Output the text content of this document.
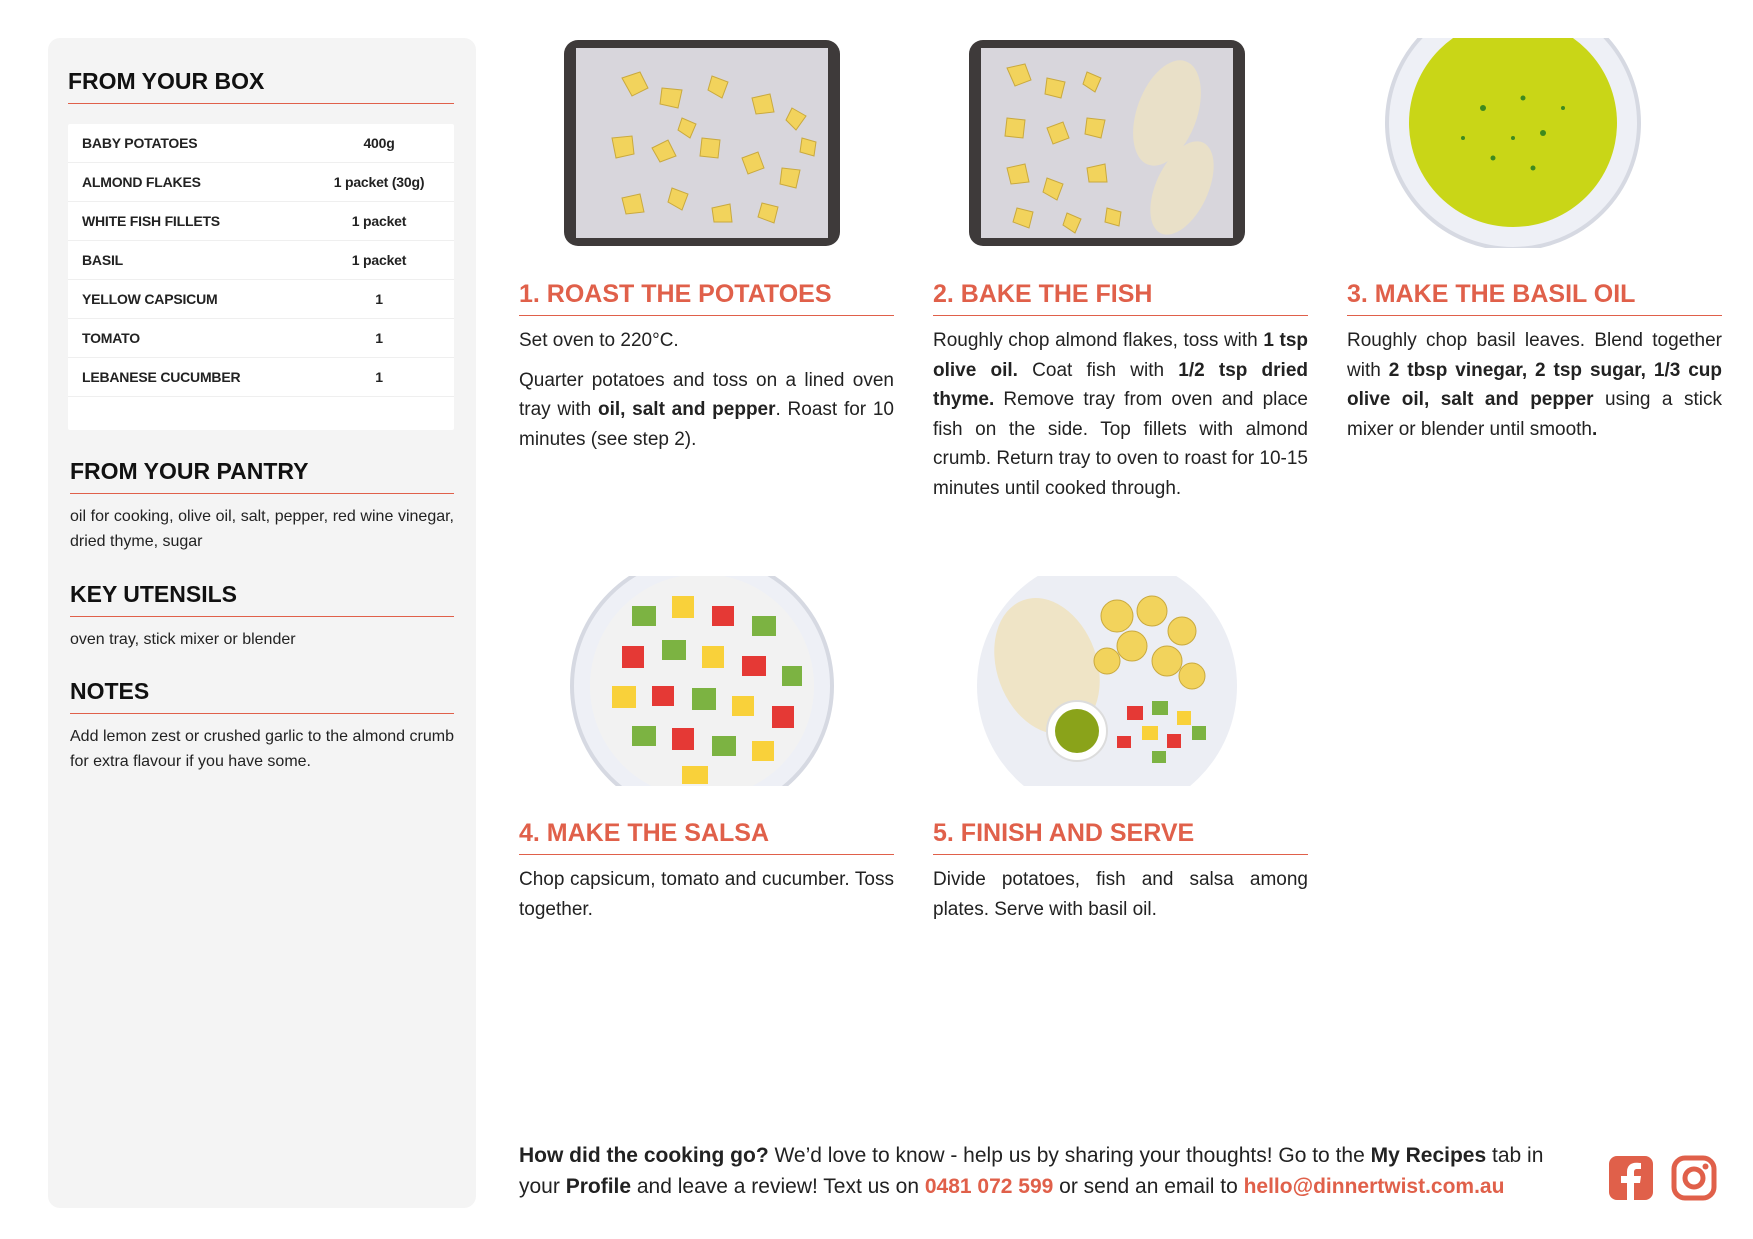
FROM YOUR BOX
BABY POTATOES	400g
ALMOND FLAKES	1 packet (30g)
WHITE FISH FILLETS	1 packet
BASIL	1 packet
YELLOW CAPSICUM	1
TOMATO	1
LEBANESE CUCUMBER	1
FROM YOUR PANTRY
oil for cooking, olive oil, salt, pepper, red wine vinegar, dried thyme, sugar
KEY UTENSILS
oven tray, stick mixer or blender
NOTES
Add lemon zest or crushed garlic to the almond crumb for extra flavour if you have some.
1. ROAST THE POTATOES

Set oven to 220°C.

Quarter potatoes and toss on a lined oven tray with oil, salt and pepper. Roast for 10 minutes (see step 2).

2. BAKE THE FISH

Roughly chop almond flakes, toss with 1 tsp olive oil. Coat fish with 1/2 tsp dried thyme. Remove tray from oven and place fish on the side. Top fillets with almond crumb. Return tray to oven to roast for 10-15 minutes until cooked through.

3. MAKE THE BASIL OIL

Roughly chop basil leaves. Blend together with 2 tbsp vinegar, 2 tsp sugar, 1/3 cup olive oil, salt and pepper using a stick mixer or blender until smooth.

4. MAKE THE SALSA

Chop capsicum, tomato and cucumber. Toss together.

5. FINISH AND SERVE

Divide potatoes, fish and salsa among plates. Serve with basil oil.

How did the cooking go? We’d love to know - help us by sharing your thoughts! Go to the My Recipes tab in your Profile and leave a review! Text us on 0481 072 599 or send an email to hello@dinnertwist.com.au
